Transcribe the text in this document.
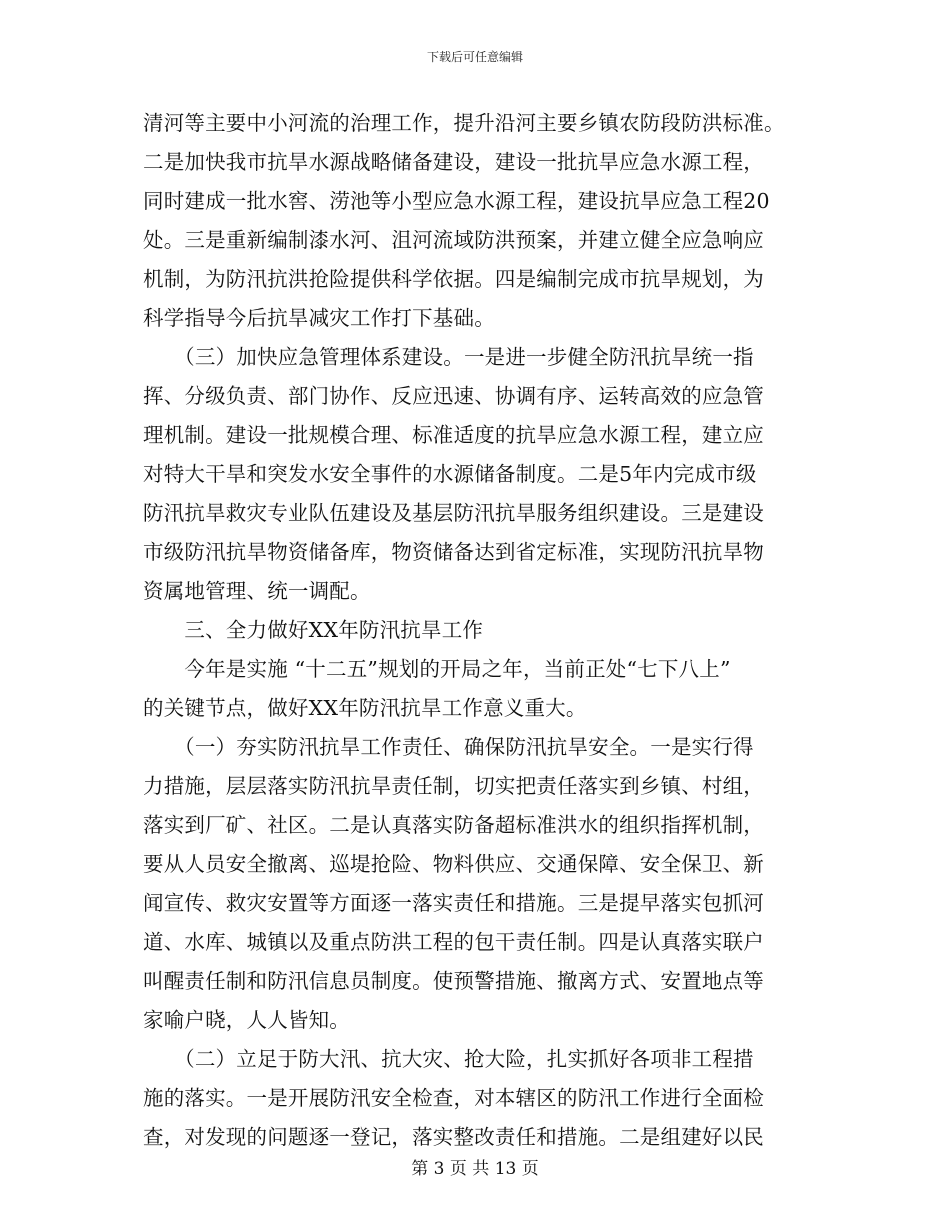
下载后可任意编辑
清河等主要中小河流的治理工作，提升沿河主要乡镇农防段防洪标准。
二是加快我市抗旱水源战略储备建设，建设一批抗旱应急水源工程，
同时建成一批水窖、涝池等小型应急水源工程，建设抗旱应急工程20
处。三是重新编制漆水河、沮河流域防洪预案，并建立健全应急响应
机制，为防汛抗洪抢险提供科学依据。四是编制完成市抗旱规划，为
科学指导今后抗旱减灾工作打下基础。
　　（三）加快应急管理体系建设。一是进一步健全防汛抗旱统一指
挥、分级负责、部门协作、反应迅速、协调有序、运转高效的应急管
理机制。建设一批规模合理、标准适度的抗旱应急水源工程，建立应
对特大干旱和突发水安全事件的水源储备制度。二是5年内完成市级
防汛抗旱救灾专业队伍建设及基层防汛抗旱服务组织建设。三是建设
市级防汛抗旱物资储备库，物资储备达到省定标准，实现防汛抗旱物
资属地管理、统一调配。
　　三、全力做好XX年防汛抗旱工作
　　今年是实施 “十二五”规划的开局之年，当前正处“七下八上”
的关键节点，做好XX年防汛抗旱工作意义重大。
　　（一）夯实防汛抗旱工作责任、确保防汛抗旱安全。一是实行得
力措施，层层落实防汛抗旱责任制，切实把责任落实到乡镇、村组，
落实到厂矿、社区。二是认真落实防备超标准洪水的组织指挥机制，
要从人员安全撤离、巡堤抢险、物料供应、交通保障、安全保卫、新
闻宣传、救灾安置等方面逐一落实责任和措施。三是提早落实包抓河
道、水库、城镇以及重点防洪工程的包干责任制。四是认真落实联户
叫醒责任制和防汛信息员制度。使预警措施、撤离方式、安置地点等
家喻户晓，人人皆知。
　　（二）立足于防大汛、抗大灾、抢大险，扎实抓好各项非工程措
施的落实。一是开展防汛安全检查，对本辖区的防汛工作进行全面检
查，对发现的问题逐一登记，落实整改责任和措施。二是组建好以民
第 3 页 共 13 页
